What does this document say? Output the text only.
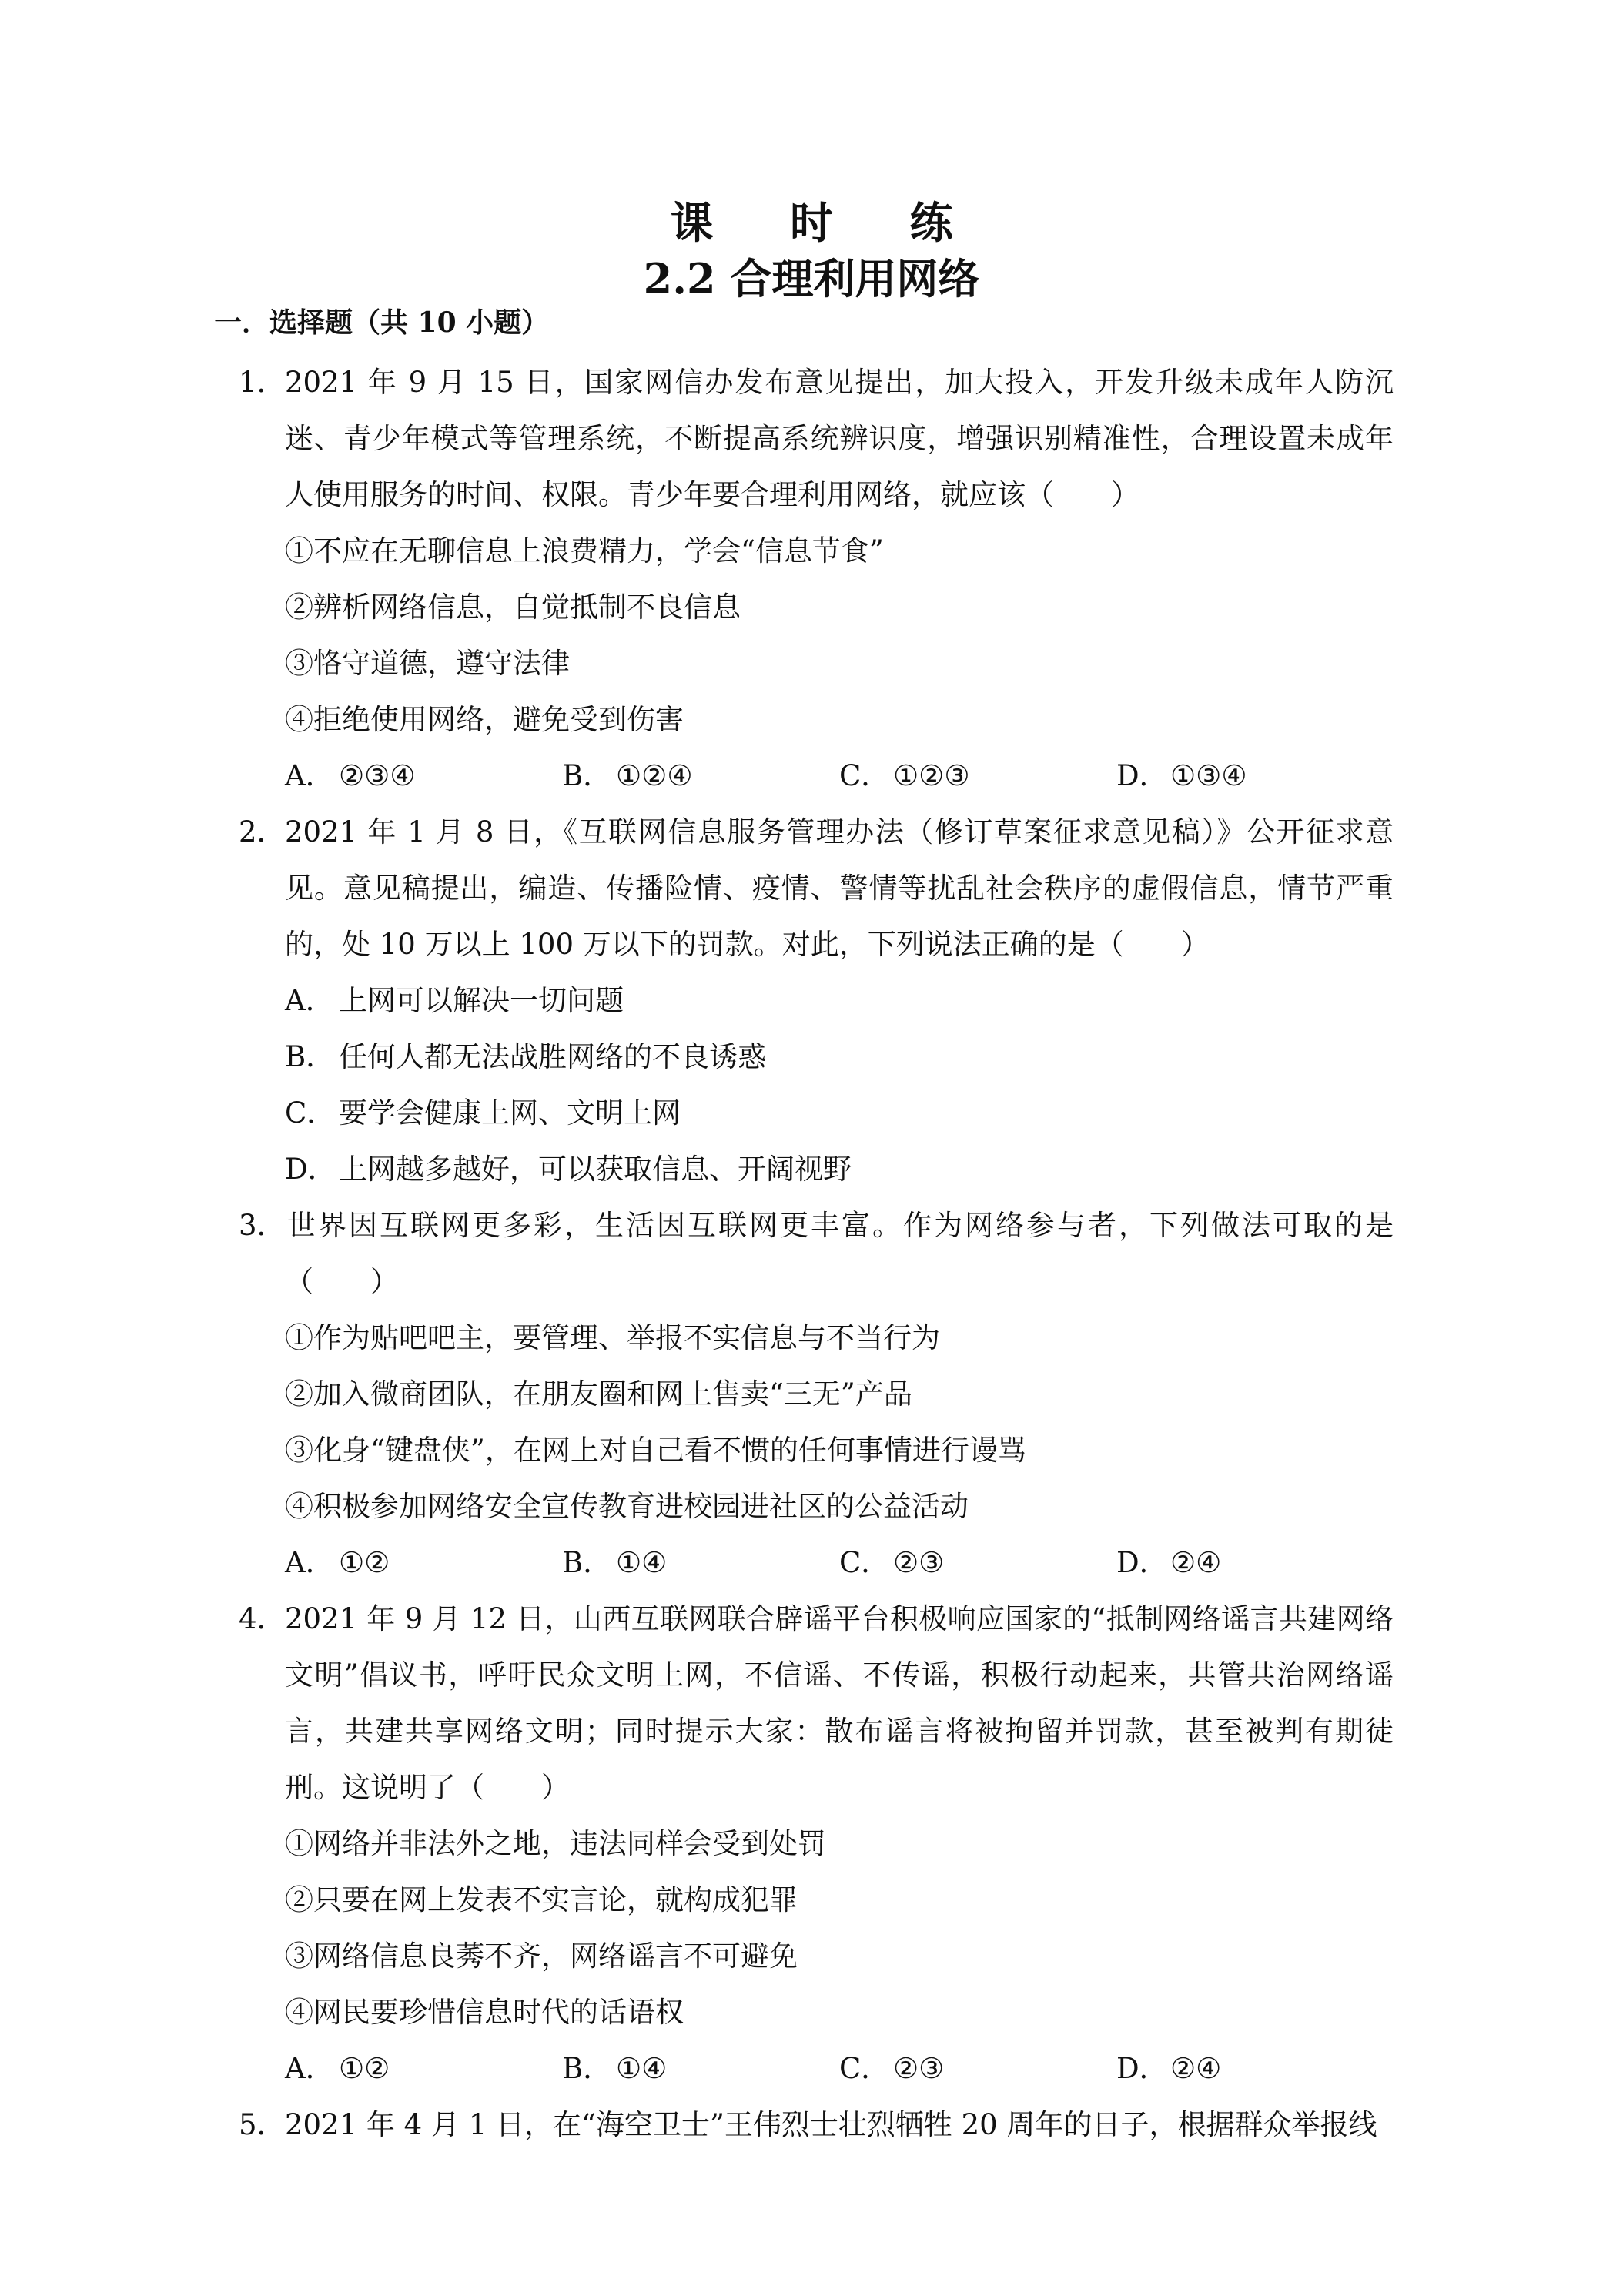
课 时 练
2.2 合理利用网络
一．选择题（共 10 小题）

1．2021 年 9 月 15 日，国家网信办发布意见提出，加大投入，开发升级未成年人防沉迷、青少年模式等管理系统，不断提高系统辨识度，增强识别精准性，合理设置未成年人使用服务的时间、权限。青少年要合理利用网络，就应该（　　）

①不应在无聊信息上浪费精力，学会“信息节食”
②辨析网络信息，自觉抵制不良信息
③恪守道德，遵守法律
④拒绝使用网络，避免受到伤害
A． ②③④	B． ①②④	C． ①②③	D．①③④

2．2021 年 1 月 8 日，《互联网信息服务管理办法（修订草案征求意见稿）》公开征求意见。意见稿提出，编造、传播险情、疫情、警情等扰乱社会秩序的虚假信息，情节严重的，处 10 万以上 100 万以下的罚款。对此，下列说法正确的是（　　）

A． 上网可以解决一切问题
B． 任何人都无法战胜网络的不良诱惑
C． 要学会健康上网、文明上网
D．上网越多越好，可以获取信息、开阔视野

3．世界因互联网更多彩，生活因互联网更丰富。作为网络参与者，下列做法可取的是（　　）

①作为贴吧吧主，要管理、举报不实信息与不当行为
②加入微商团队，在朋友圈和网上售卖“三无”产品
③化身“键盘侠”，在网上对自己看不惯的任何事情进行谩骂
④积极参加网络安全宣传教育进校园进社区的公益活动
A． ①②	B． ①④	C． ②③	D．②④

4．2021 年 9 月 12 日，山西互联网联合辟谣平台积极响应国家的“抵制网络谣言共建网络文明”倡议书，呼吁民众文明上网，不信谣、不传谣，积极行动起来，共管共治网络谣言，共建共享网络文明；同时提示大家：散布谣言将被拘留并罚款，甚至被判有期徒刑。这说明了（　　）

①网络并非法外之地，违法同样会受到处罚
②只要在网上发表不实言论，就构成犯罪
③网络信息良莠不齐，网络谣言不可避免
④网民要珍惜信息时代的话语权
A． ①②	B． ①④	C． ②③	D．②④

5．2021 年 4 月 1 日，在“海空卫士”王伟烈士壮烈牺牲 20 周年的日子，根据群众举报线
